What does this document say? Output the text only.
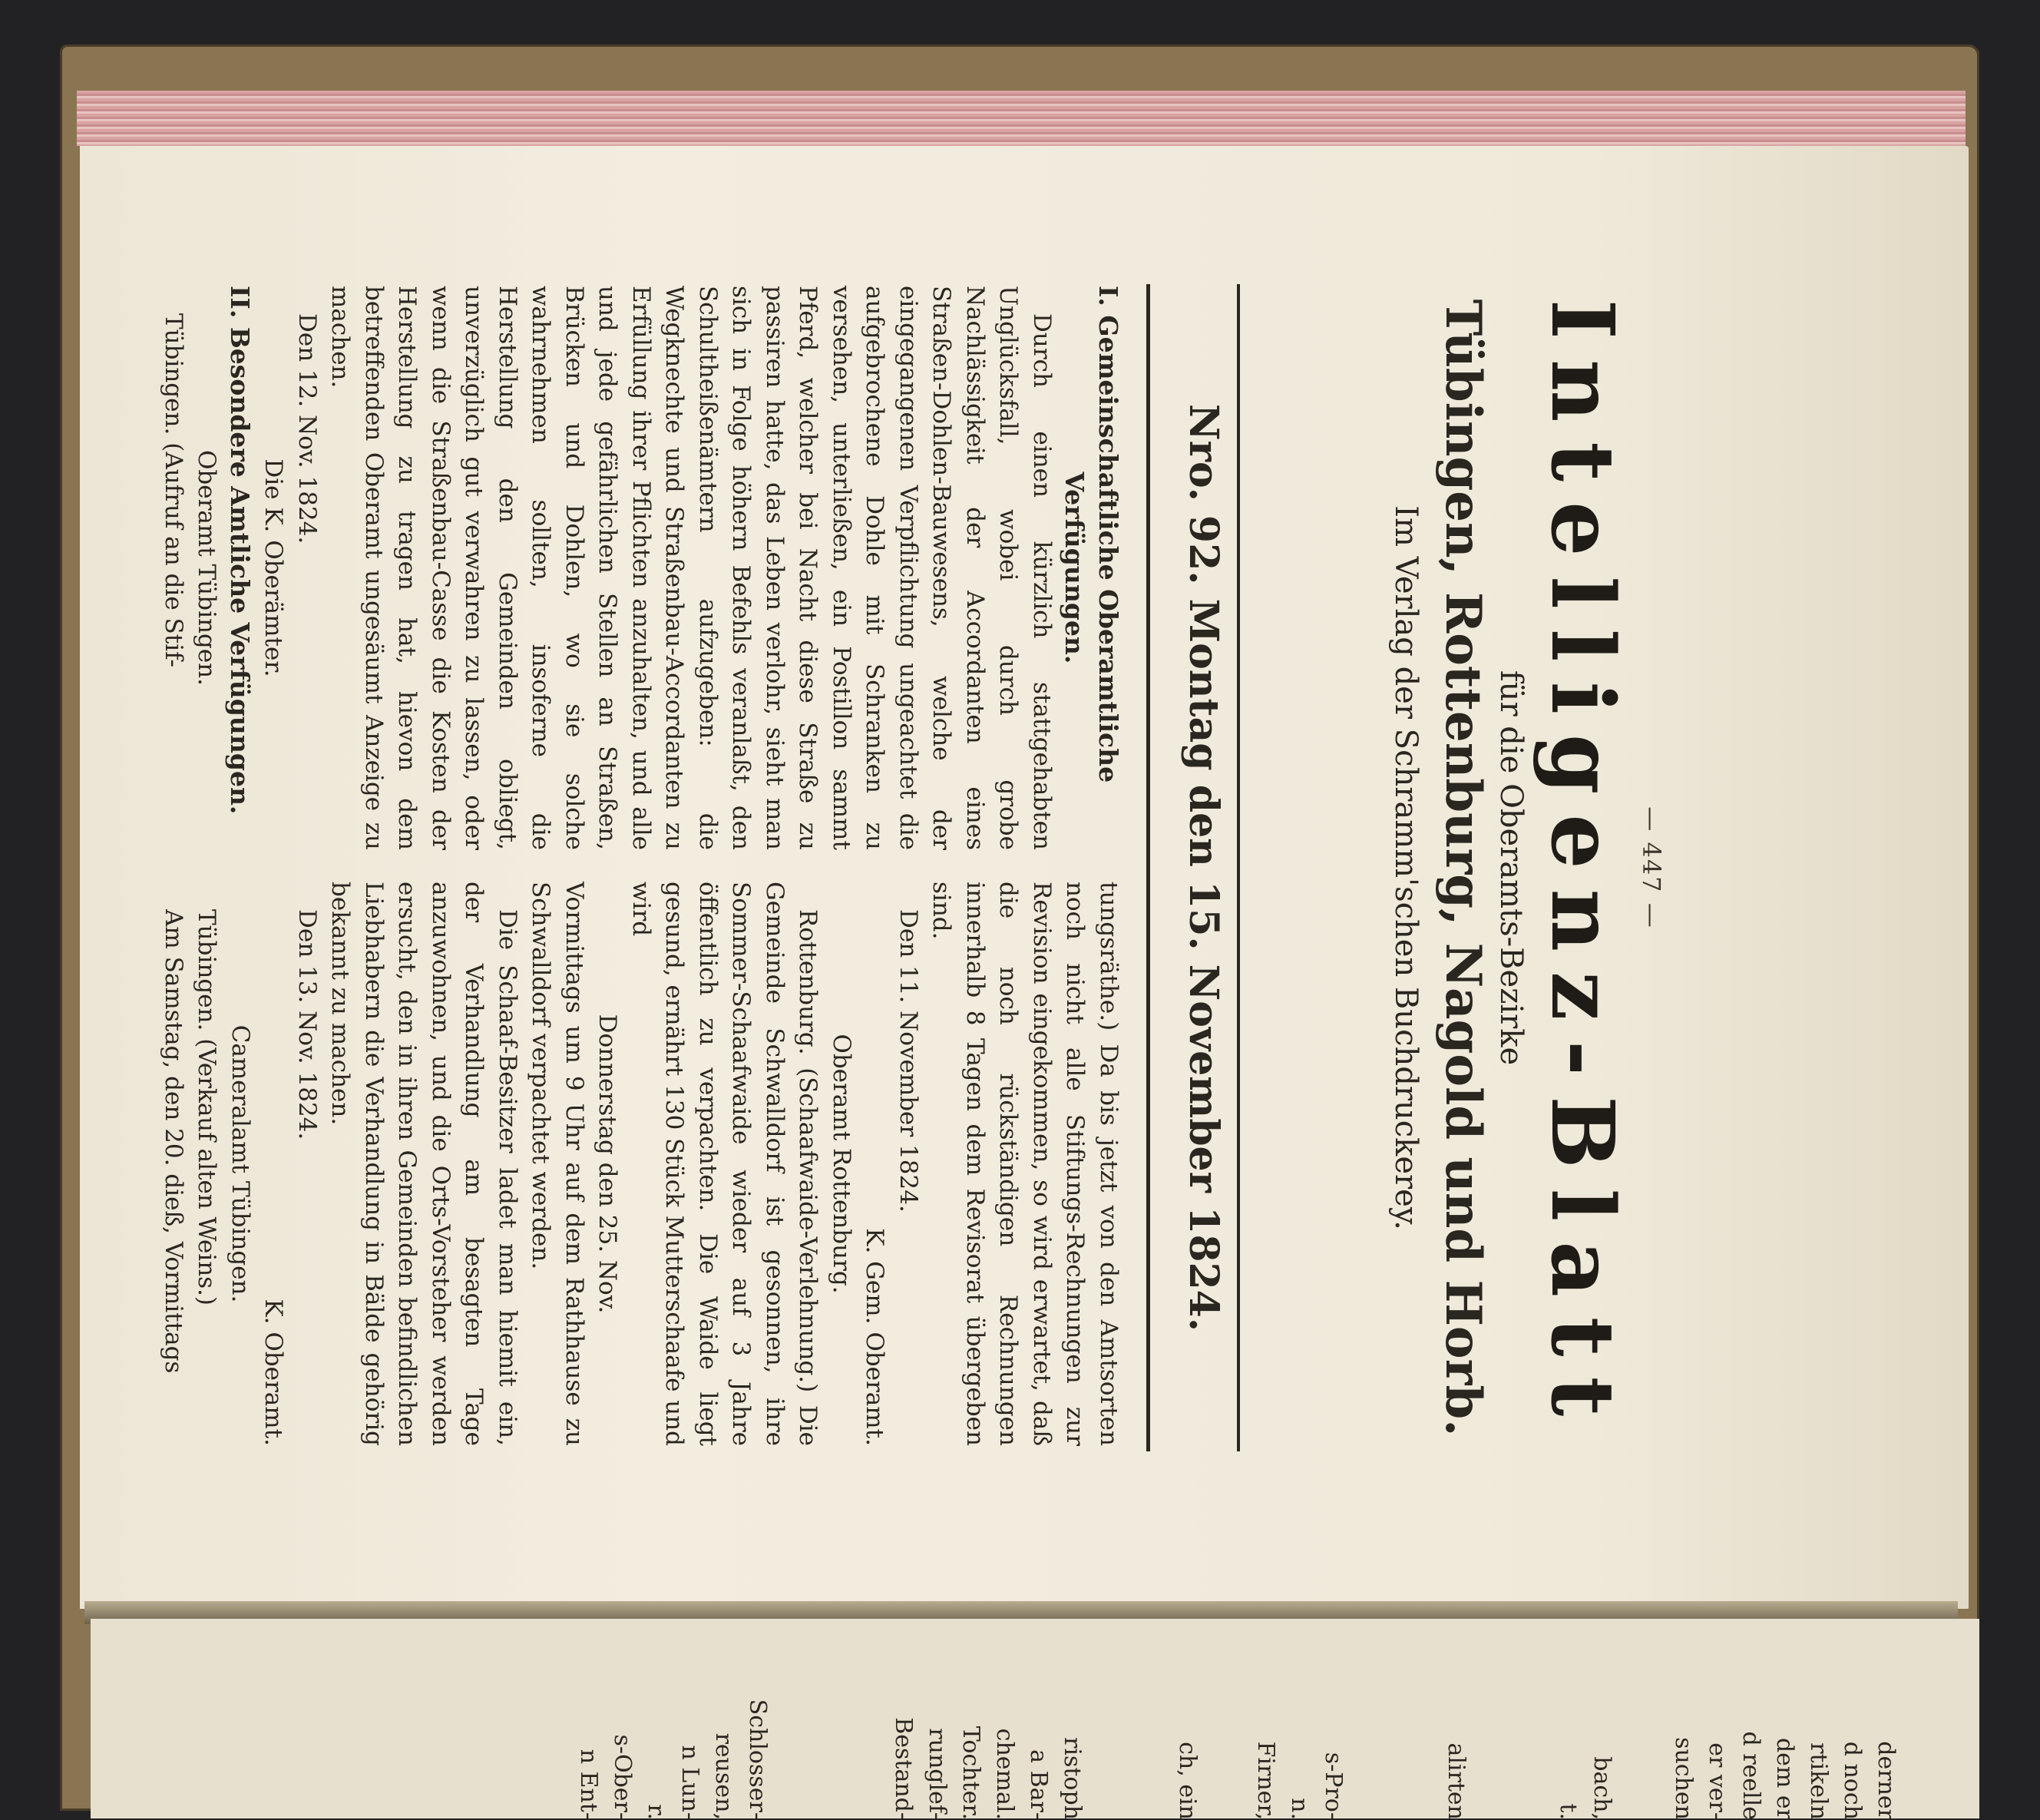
— 447 —
Intelligenz-Blatt
für die Oberamts-Bezirke
Tübingen, Rottenburg, Nagold und Horb.
Im Verlag der Schramm'schen Buchdruckerey.
Nro. 92. Montag den 15. November 1824.

I. Gemeinschaftliche Oberamtliche

Verfügungen.

Durch einen kürzlich stattgehabten Unglücksfall, wobei durch grobe Nachlässigkeit der Accordanten eines Straßen-Dohlen-Bauwesens, welche der eingegangenen Verpflichtung ungeachtet die aufgebrochene Dohle mit Schranken zu versehen, unterließen, ein Postillon sammt Pferd, welcher bei Nacht diese Straße zu passiren hatte, das Leben verlohr, sieht man sich in Folge höhern Befehls veranlaßt, den Schultheißenämtern aufzugeben: die Wegknechte und Straßenbau-Accordanten zu Erfüllung ihrer Pflichten anzuhalten, und alle und jede gefährlichen Stellen an Straßen, Brücken und Dohlen, wo sie solche wahrnehmen sollten, insoferne die Herstellung den Gemeinden obliegt, unverzüglich gut verwahren zu lassen, oder wenn die Straßenbau-Casse die Kosten der Herstellung zu tragen hat, hievon dem betreffenden Oberamt ungesäumt Anzeige zu machen.

Den 12. Nov. 1824.

Die K. Oberämter.

II. Besondere Amtliche Verfügungen.

Oberamt Tübingen.

Tübingen. (Aufruf an die Stif-

tungsräthe.) Da bis jetzt von den Amtsorten noch nicht alle Stiftungs-Rechnungen zur Revision eingekommen, so wird erwartet, daß die noch rückständigen Rechnungen innerhalb 8 Tagen dem Revisorat übergeben sind.

Den 11. November 1824.

K. Gem. Oberamt.

Oberamt Rottenburg.

Rottenburg. (Schaafwaide-Verlehnung.) Die Gemeinde Schwalldorf ist gesonnen, ihre Sommer-Schaafwaide wieder auf 3 Jahre öffentlich zu verpachten. Die Waide liegt gesund, ernährt 130 Stück Mutterschaafe und wird

Donnerstag den 25. Nov.

Vormittags um 9 Uhr auf dem Rathhause zu Schwalldorf verpachtet werden.

Die Schaaf-Besitzer ladet man hiemit ein, der Verhandlung am besagten Tage anzuwohnen, und die Orts-Vorsteher werden ersucht, den in ihren Gemeinden befindlichen Liebhabern die Verhandlung in Bälde gehörig bekannt zu machen.

Den 13. Nov. 1824.

K. Oberamt.

Cameralamt Tübingen.

Tübingen. (Verkauf alten Weins.)

Am Samstag, den 20. dieß, Vormittags

derner
d noch
rtikeln
dem er
d reelle
er ver-
suchen
bach,
t.
alirten
s-Pro-
n.
Firner,
ch, ein
ristoph
a Bar-
chemal.
Tochter.
runglef-
Bestand-
Schlosser-
reusen,
n Lun-
r.
s-Ober-
n Ent-
